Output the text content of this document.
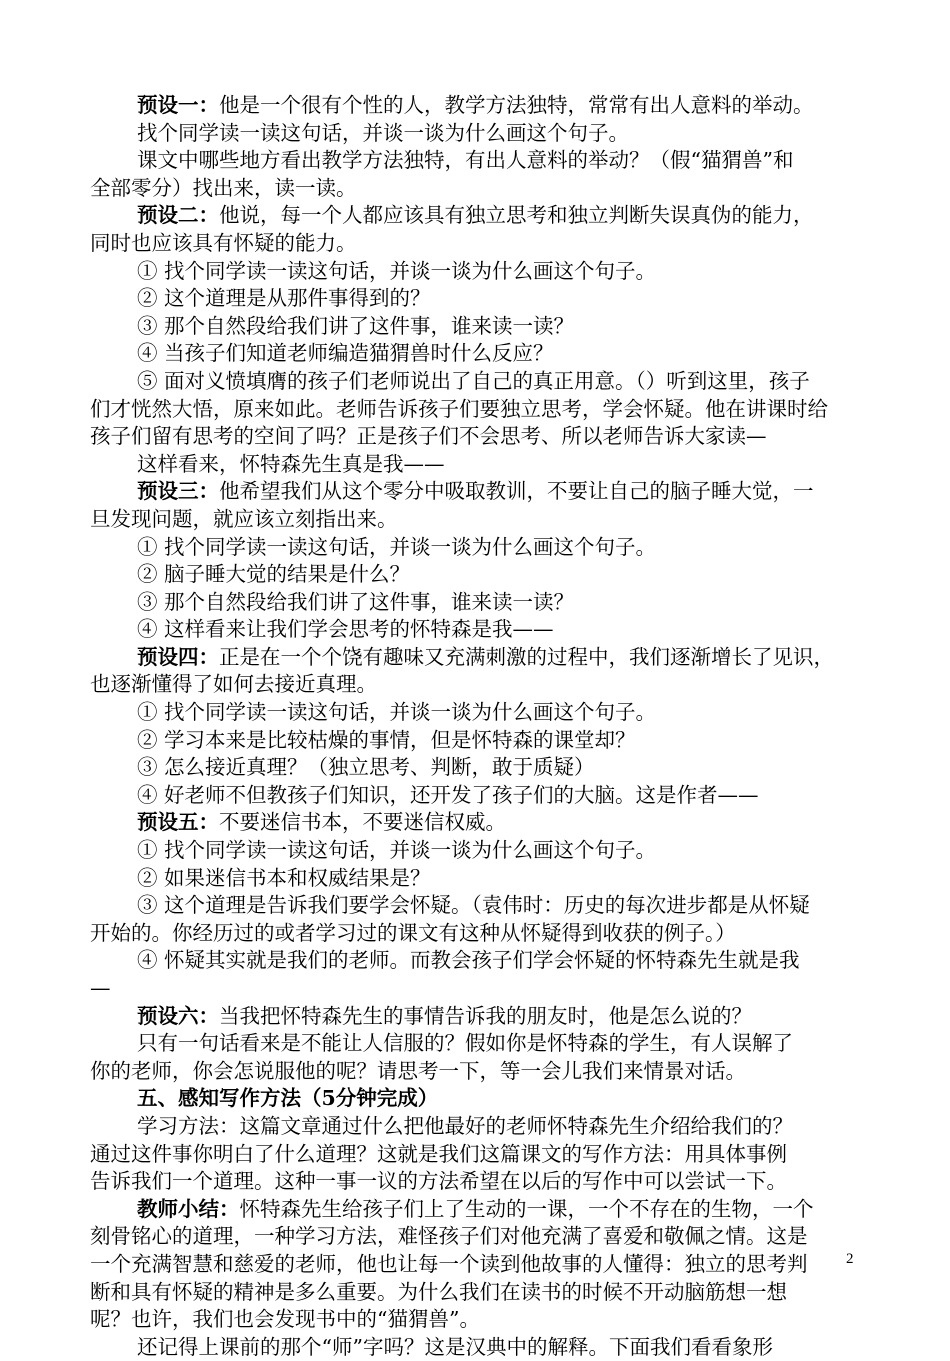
预设一：他是一个很有个性的人，教学方法独特，常常有出人意料的举动。
找个同学读一读这句话，并谈一谈为什么画这个句子。
课文中哪些地方看出教学方法独特，有出人意料的举动？（假“猫猬兽”和
全部零分）找出来，读一读。
预设二：他说，每一个人都应该具有独立思考和独立判断失误真伪的能力，
同时也应该具有怀疑的能力。
① 找个同学读一读这句话，并谈一谈为什么画这个句子。
② 这个道理是从那件事得到的？
③ 那个自然段给我们讲了这件事，谁来读一读？
④ 当孩子们知道老师编造猫猬兽时什么反应？
⑤ 面对义愤填膺的孩子们老师说出了自己的真正用意。（）听到这里，孩子
们才恍然大悟，原来如此。老师告诉孩子们要独立思考，学会怀疑。他在讲课时给
孩子们留有思考的空间了吗？正是孩子们不会思考、所以老师告诉大家读—
这样看来，怀特森先生真是我——
预设三：他希望我们从这个零分中吸取教训，不要让自己的脑子睡大觉，一
旦发现问题，就应该立刻指出来。
① 找个同学读一读这句话，并谈一谈为什么画这个句子。
② 脑子睡大觉的结果是什么？
③ 那个自然段给我们讲了这件事，谁来读一读？
④ 这样看来让我们学会思考的怀特森是我——
预设四：正是在一个个饶有趣味又充满刺激的过程中，我们逐渐增长了见识，
也逐渐懂得了如何去接近真理。
① 找个同学读一读这句话，并谈一谈为什么画这个句子。
② 学习本来是比较枯燥的事情，但是怀特森的课堂却？
③ 怎么接近真理？（独立思考、判断，敢于质疑）
④ 好老师不但教孩子们知识，还开发了孩子们的大脑。这是作者——
预设五：不要迷信书本，不要迷信权威。
① 找个同学读一读这句话，并谈一谈为什么画这个句子。
② 如果迷信书本和权威结果是？
③ 这个道理是告诉我们要学会怀疑。（袁伟时：历史的每次进步都是从怀疑
开始的。你经历过的或者学习过的课文有这种从怀疑得到收获的例子。）
④ 怀疑其实就是我们的老师。而教会孩子们学会怀疑的怀特森先生就是我
—
预设六：当我把怀特森先生的事情告诉我的朋友时，他是怎么说的？
只有一句话看来是不能让人信服的？假如你是怀特森的学生，有人误解了
你的老师，你会怎说服他的呢？请思考一下，等一会儿我们来情景对话。
五、感知写作方法（5分钟完成）
学习方法：这篇文章通过什么把他最好的老师怀特森先生介绍给我们的？
通过这件事你明白了什么道理？这就是我们这篇课文的写作方法：用具体事例
告诉我们一个道理。这种一事一议的方法希望在以后的写作中可以尝试一下。
教师小结：怀特森先生给孩子们上了生动的一课，一个不存在的生物，一个
刻骨铭心的道理，一种学习方法，难怪孩子们对他充满了喜爱和敬佩之情。这是
一个充满智慧和慈爱的老师，他也让每一个读到他故事的人懂得：独立的思考判
断和具有怀疑的精神是多么重要。为什么我们在读书的时候不开动脑筋想一想
呢？也许，我们也会发现书中的“猫猬兽”。
还记得上课前的那个“师”字吗？这是汉典中的解释。下面我们看看象形
2
